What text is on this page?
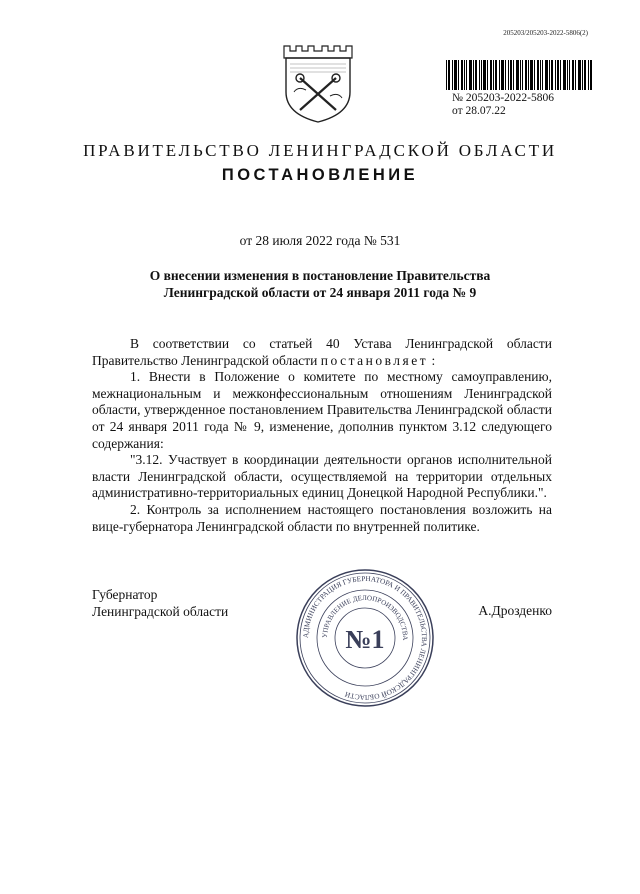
205203/205203-2022-5806(2)
№ 205203-2022-5806
от 28.07.22
ПРАВИТЕЛЬСТВО ЛЕНИНГРАДСКОЙ ОБЛАСТИ
ПОСТАНОВЛЕНИЕ
от 28 июля 2022 года № 531
О внесении изменения в постановление Правительства
Ленинградской области от 24 января 2011 года № 9

В соответствии со статьей 40 Устава Ленинградской области Правительство Ленинградской области постановляет :

1. Внести в Положение о комитете по местному самоуправлению, межнациональным и межконфессиональным отношениям Ленинградской области, утвержденное постановлением Правительства Ленинградской области от 24 января 2011 года № 9, изменение, дополнив пунктом 3.12 следующего содержания:

"3.12. Участвует в координации деятельности органов исполнительной власти Ленинградской области, осуществляемой на территории отдельных административно-территориальных единиц Донецкой Народной Республики.".

2. Контроль за исполнением настоящего постановления возложить на вице-губернатора Ленинградской области по внутренней политике.

Губернатор
Ленинградской области	А.Дрозденко
АДМИНИСТРАЦИЯ ГУБЕРНАТОРА И ПРАВИТЕЛЬСТВА ЛЕНИНГРАДСКОЙ ОБЛАСТИ
УПРАВЛЕНИЕ ДЕЛОПРОИЗВОДСТВА
№1
